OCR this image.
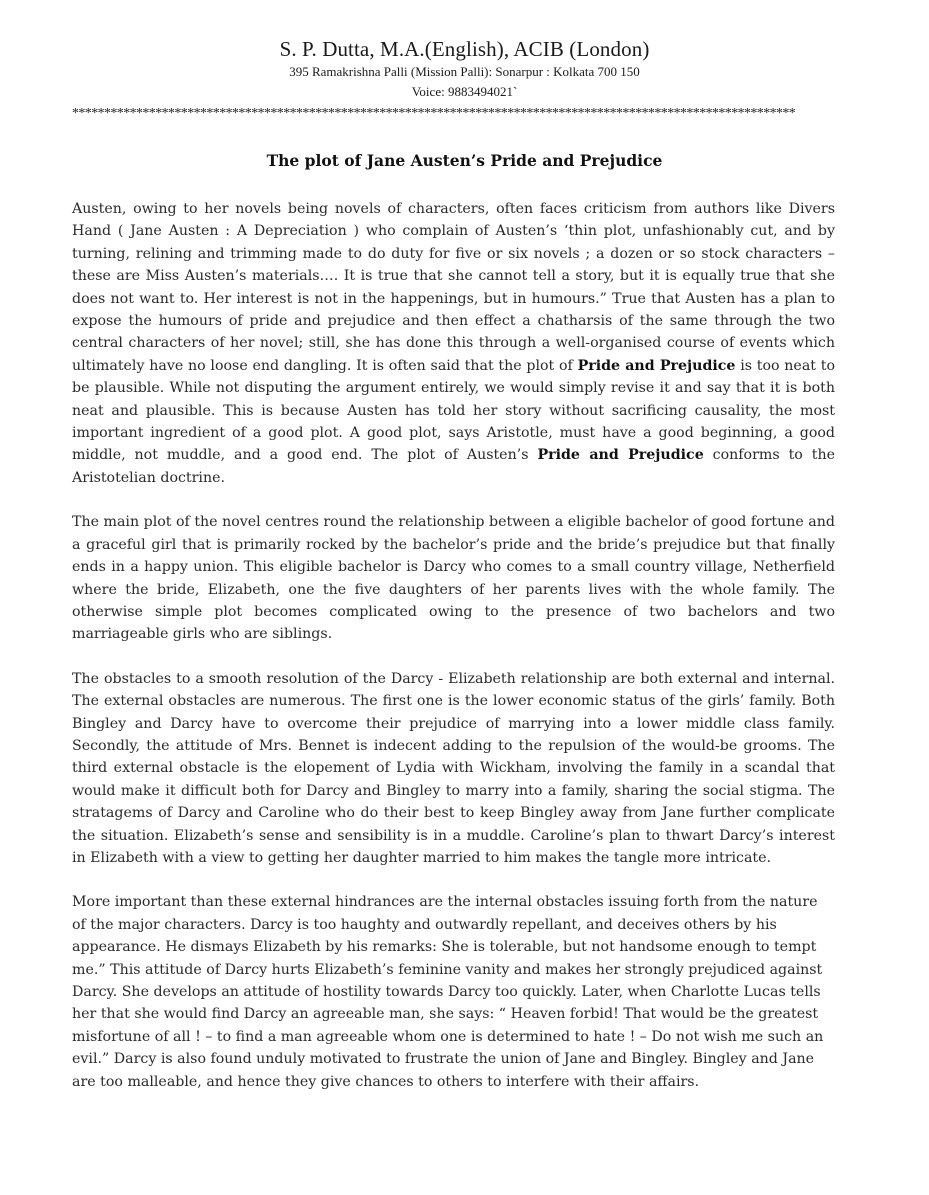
S. P. Dutta, M.A.(English), ACIB (London)
395 Ramakrishna Palli (Mission Palli): Sonarpur : Kolkata 700 150
Voice: 9883494021`
*****************************************************************************************************************
The plot of Jane Austen’s Pride and Prejudice

Austen, owing to her novels being novels of characters, often faces criticism from authors like Divers Hand ( Jane Austen : A Depreciation ) who complain of Austen’s ‘thin plot, unfashionably cut, and by turning, relining and trimming made to do duty for five or six novels ; a dozen or so stock characters – these are Miss Austen’s materials…. It is true that she cannot tell a story, but it is equally true that she does not want to. Her interest is not in the happenings, but in humours.” True that Austen has a plan to expose the humours of pride and prejudice and then effect a chatharsis of the same through the two central characters of her novel; still, she has done this through a well-organised course of events which ultimately have no loose end dangling. It is often said that the plot of Pride and Prejudice is too neat to be plausible. While not disputing the argument entirely, we would simply revise it and say that it is both neat and plausible. This is because Austen has told her story without sacrificing causality, the most important ingredient of a good plot. A good plot, says Aristotle, must have a good beginning, a good middle, not muddle, and a good end. The plot of Austen’s Pride and Prejudice conforms to the Aristotelian doctrine.

The main plot of the novel centres round the relationship between a eligible bachelor of good fortune and a graceful girl that is primarily rocked by the bachelor’s pride and the bride’s prejudice but that finally ends in a happy union. This eligible bachelor is Darcy who comes to a small country village, Netherfield where the bride, Elizabeth, one the five daughters of her parents lives with the whole family. The otherwise simple plot becomes complicated owing to the presence of two bachelors and two marriageable girls who are siblings.

The obstacles to a smooth resolution of the Darcy - Elizabeth relationship are both external and internal. The external obstacles are numerous. The first one is the lower economic status of the girls’ family. Both Bingley and Darcy have to overcome their prejudice of marrying into a lower middle class family. Secondly, the attitude of Mrs. Bennet is indecent adding to the repulsion of the would-be grooms. The third external obstacle is the elopement of Lydia with Wickham, involving the family in a scandal that would make it difficult both for Darcy and Bingley to marry into a family, sharing the social stigma. The stratagems of Darcy and Caroline who do their best to keep Bingley away from Jane further complicate the situation. Elizabeth’s sense and sensibility is in a muddle. Caroline’s plan to thwart Darcy’s interest in Elizabeth with a view to getting her daughter married to him makes the tangle more intricate.

More important than these external hindrances are the internal obstacles issuing forth from the nature of the major characters. Darcy is too haughty and outwardly repellant, and deceives others by his appearance. He dismays Elizabeth by his remarks: She is tolerable, but not handsome enough to tempt me.” This attitude of Darcy hurts Elizabeth’s feminine vanity and makes her strongly prejudiced against Darcy. She develops an attitude of hostility towards Darcy too quickly. Later, when Charlotte Lucas tells her that she would find Darcy an agreeable man, she says: “ Heaven forbid! That would be the greatest misfortune of all ! – to find a man agreeable whom one is determined to hate ! – Do not wish me such an evil.” Darcy is also found unduly motivated to frustrate the union of Jane and Bingley. Bingley and Jane are too malleable, and hence they give chances to others to interfere with their affairs.
